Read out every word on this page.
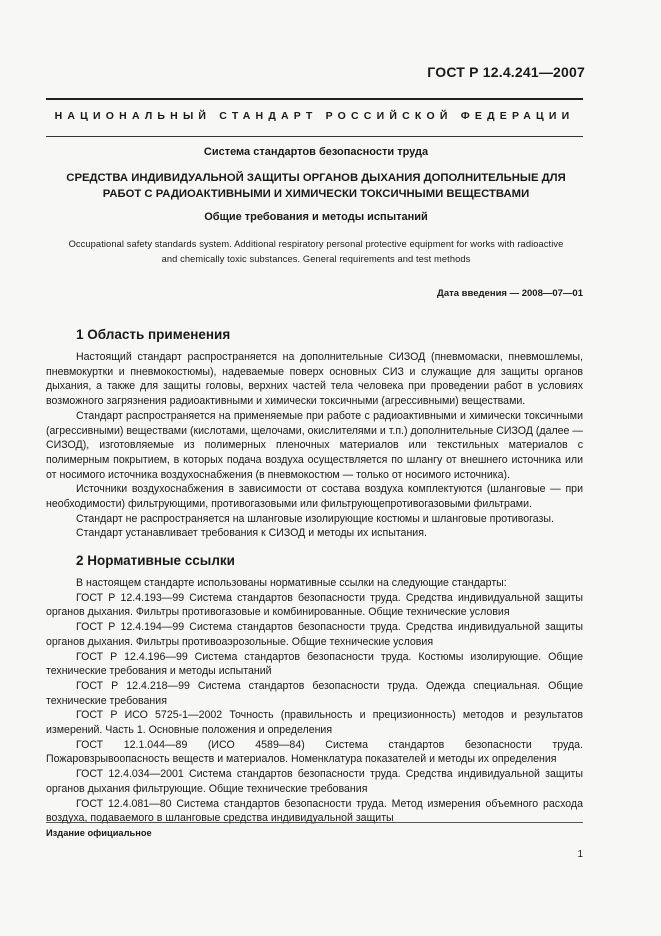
ГОСТ Р 12.4.241—2007
НАЦИОНАЛЬНЫЙ СТАНДАРТ РОССИЙСКОЙ ФЕДЕРАЦИИ
Система стандартов безопасности труда
СРЕДСТВА ИНДИВИДУАЛЬНОЙ ЗАЩИТЫ ОРГАНОВ ДЫХАНИЯ ДОПОЛНИТЕЛЬНЫЕ ДЛЯ РАБОТ С РАДИОАКТИВНЫМИ И ХИМИЧЕСКИ ТОКСИЧНЫМИ ВЕЩЕСТВАМИ
Общие требования и методы испытаний
Occupational safety standards system. Additional respiratory personal protective equipment for works with radioactive and chemically toxic substances. General requirements and test methods
Дата введения — 2008—07—01
1 Область применения

Настоящий стандарт распространяется на дополнительные СИЗОД (пневмомаски, пневмошлемы, пневмокуртки и пневмокостюмы), надеваемые поверх основных СИЗ и служащие для защиты органов дыхания, а также для защиты головы, верхних частей тела человека при проведении работ в условиях возможного загрязнения радиоактивными и химически токсичными (агрессивными) веществами.

Стандарт распространяется на применяемые при работе с радиоактивными и химически токсичными (агрессивными) веществами (кислотами, щелочами, окислителями и т.п.) дополнительные СИЗОД (далее — СИЗОД), изготовляемые из полимерных пленочных материалов или текстильных материалов с полимерным покрытием, в которых подача воздуха осуществляется по шлангу от внешнего источника или от носимого источника воздухоснабжения (в пневмокостюм — только от носимого источника).

Источники воздухоснабжения в зависимости от состава воздуха комплектуются (шланговые — при необходимости) фильтрующими, противогазовыми или фильтрующепротивогазовыми фильтрами.

Стандарт не распространяется на шланговые изолирующие костюмы и шланговые противогазы.

Стандарт устанавливает требования к СИЗОД и методы их испытания.

2 Нормативные ссылки

В настоящем стандарте использованы нормативные ссылки на следующие стандарты:

ГОСТ Р 12.4.193—99 Система стандартов безопасности труда. Средства индивидуальной защиты органов дыхания. Фильтры противогазовые и комбинированные. Общие технические условия

ГОСТ Р 12.4.194—99 Система стандартов безопасности труда. Средства индивидуальной защиты органов дыхания. Фильтры противоаэрозольные. Общие технические условия

ГОСТ Р 12.4.196—99 Система стандартов безопасности труда. Костюмы изолирующие. Общие технические требования и методы испытаний

ГОСТ Р 12.4.218—99 Система стандартов безопасности труда. Одежда специальная. Общие технические требования

ГОСТ Р ИСО 5725-1—2002 Точность (правильность и прецизионность) методов и результатов измерений. Часть 1. Основные положения и определения

ГОСТ 12.1.044—89 (ИСО 4589—84) Система стандартов безопасности труда. Пожаровзрывоопасность веществ и материалов. Номенклатура показателей и методы их определения

ГОСТ 12.4.034—2001 Система стандартов безопасности труда. Средства индивидуальной защиты органов дыхания фильтрующие. Общие технические требования

ГОСТ 12.4.081—80 Система стандартов безопасности труда. Метод измерения объемного расхода воздуха, подаваемого в шланговые средства индивидуальной защиты

Издание официальное
1
